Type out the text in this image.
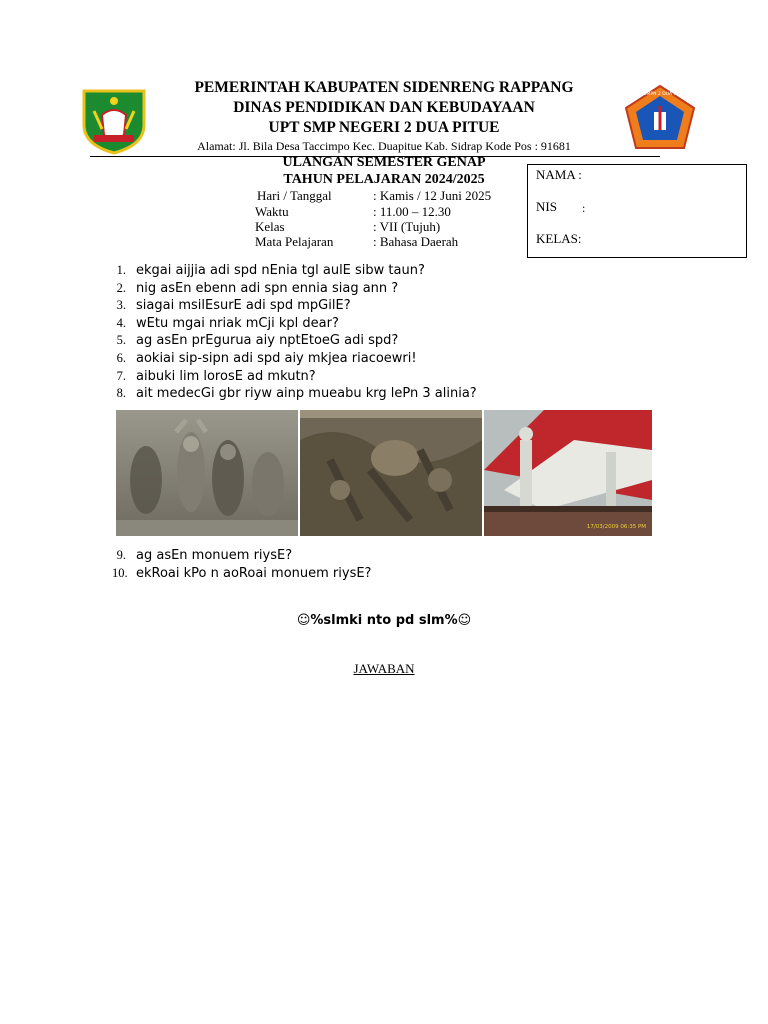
UPT SMPN 2 DUA PITUE
PEMERINTAH KABUPATEN SIDENRENG RAPPANG
DINAS PENDIDIKAN DAN KEBUDAYAAN
UPT SMP NEGERI 2 DUA PITUE
Alamat: Jl. Bila Desa Taccimpo Kec. Duapitue Kab. Sidrap Kode Pos : 91681
ULANGAN SEMESTER GENAP
TAHUN PELAJARAN 2024/2025
Hari / Tanggal	: Kamis / 12 Juni 2025
Waktu	: 11.00 – 12.30
Kelas	: VII (Tujuh)
Mata Pelajaran	: Bahasa Daerah
NAMA :
NIS :
KELAS:
1. ekgai aijjia adi spd nEnia tgl aulE sibw taun?
2. nig asEn ebenn adi spn ennia siag ann ?
3. siagai msilEsurE adi spd mpGilE?
4. wEtu mgai nriak mCji kpl dear?
5. ag asEn prEgurua aiy nptEtoeG adi spd?
6. aokiai sip-sipn adi spd aiy mkjea riacoewri!
7. aibuki lim lorosE ad mkutn?
8. ait medecGi gbr riyw ainp mueabu krg lePn 3 alinia?
17/03/2009 06:35 PM
9. ag asEn monuem riysE?
10. ekRoai kPo n aoRoai monuem riysE?
☺%slmki nto pd slm%☺
JAWABAN
